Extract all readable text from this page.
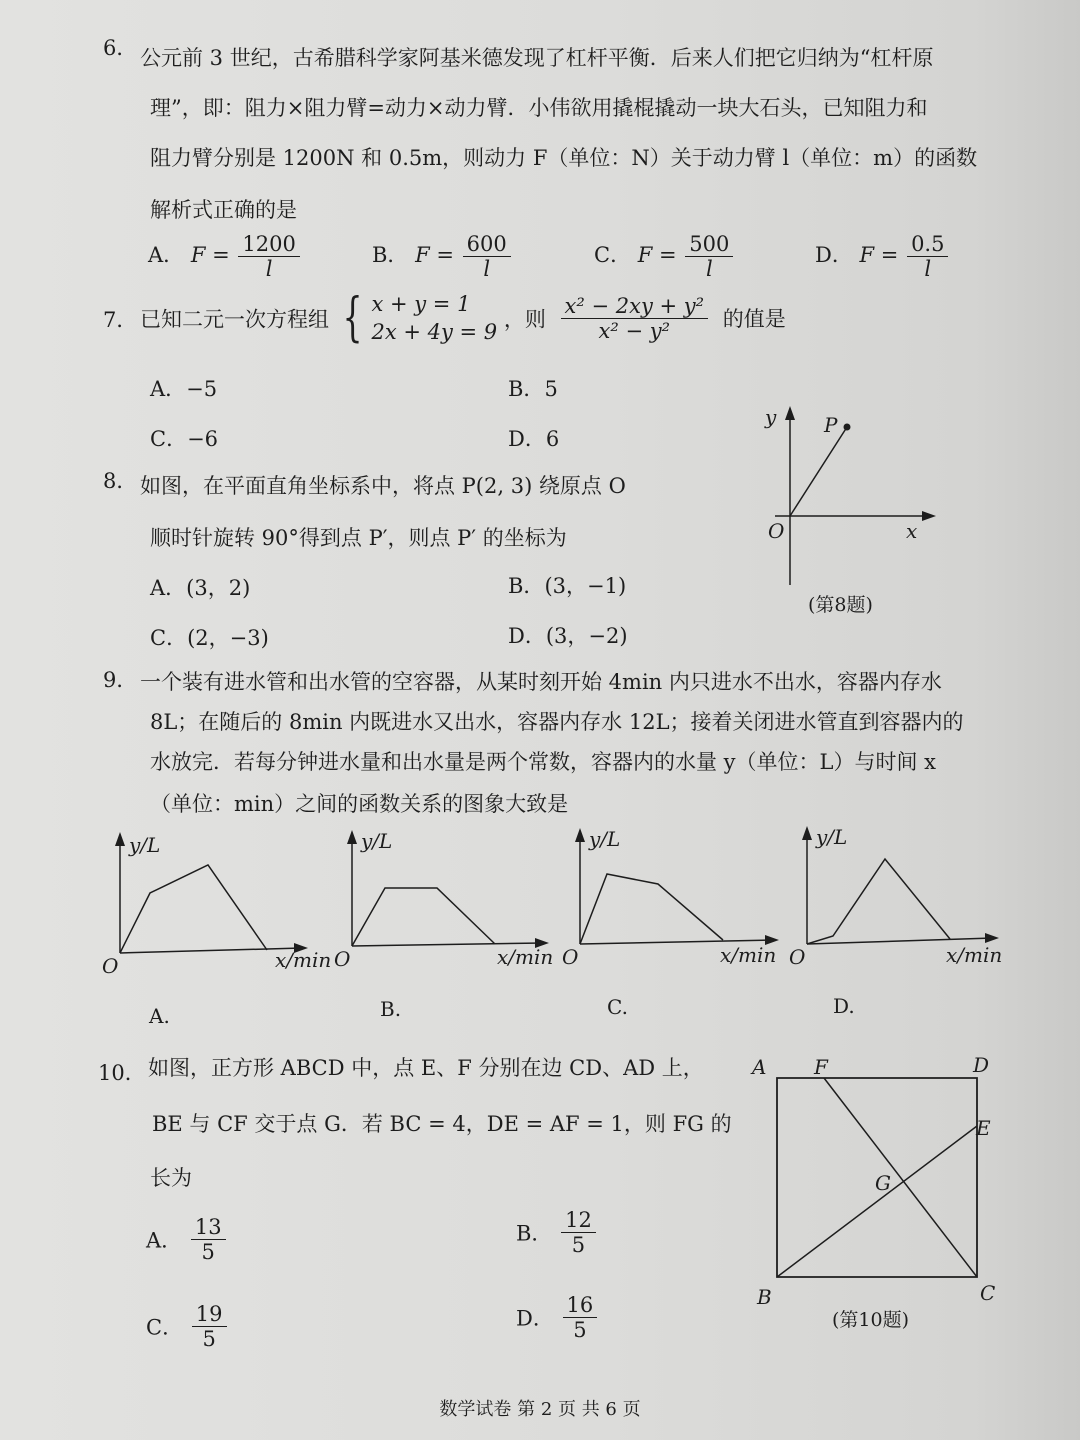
6． 公元前 3 世纪，古希腊科学家阿基米德发现了杠杆平衡．后来人们把它归纳为“杠杆原
理”，即：阻力×阻力臂=动力×动力臂．小伟欲用撬棍撬动一块大石头，已知阻力和
阻力臂分别是 1200N 和 0.5m，则动力 F（单位：N）关于动力臂 l（单位：m）的函数
解析式正确的是
A． $F = \frac{1200}{l}$	B． $F = \frac{600}{l}$	C． $F = \frac{500}{l}$	D． $F = \frac{0.5}{l}$
7． 已知二元一次方程组 { x + y = 1
2x + 4y = 9
，则 $\frac{\text{x² − 2xy + y²}}{\text{x² − y²}}$ 的值是
A．−5	B．5
C．−6	D．6
8． 如图，在平面直角坐标系中，将点 P(2, 3) 绕原点 O
顺时针旋转 90°得到点 P′，则点 P′ 的坐标为
A．(3，2)	B．(3，−1)
C．(2，−3)	D．(3，−2)
y
x
O
P
(第8题)
9． 一个装有进水管和出水管的空容器，从某时刻开始 4min 内只进水不出水，容器内存水
8L；在随后的 8min 内既进水又出水，容器内存水 12L；接着关闭进水管直到容器内的
水放完．若每分钟进水量和出水量是两个常数，容器内的水量 y（单位：L）与时间 x
（单位：min）之间的函数关系的图象大致是
y/L
x/min
O
A.
y/L
x/min
O
B.
y/L
x/min
O
C.
y/L
x/min
O
D.
10． 如图，正方形 ABCD 中，点 E、F 分别在边 CD、AD 上，
BE 与 CF 交于点 G．若 BC = 4，DE = AF = 1，则 FG 的
长为
A． $\frac{13}{5}$	B． $\frac{12}{5}$
C． $\frac{19}{5}$	D． $\frac{16}{5}$
A F	D
E
G
B	C
(第10题)
数学试卷 第 2 页 共 6 页
